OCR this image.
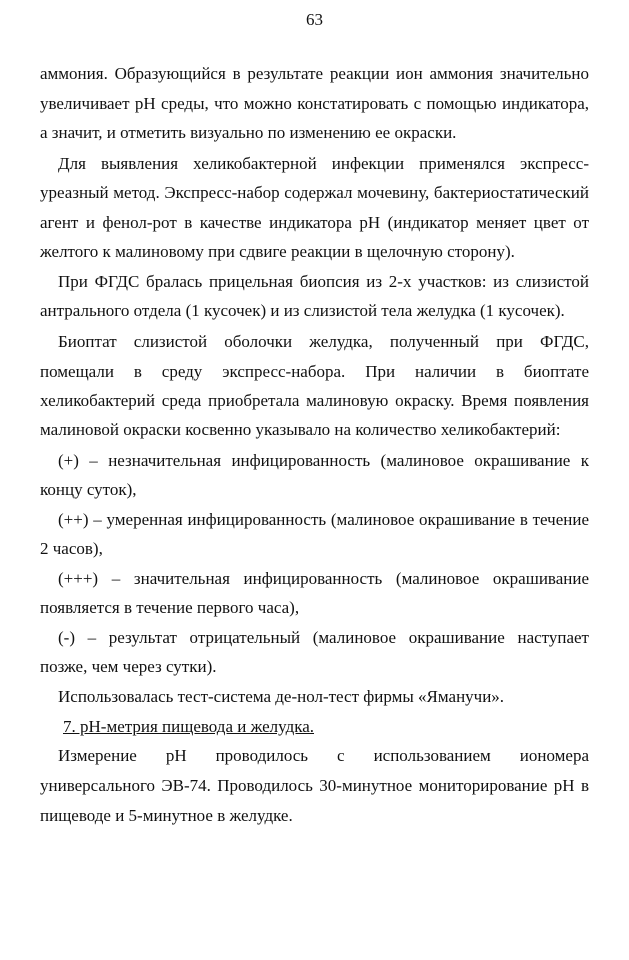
63
аммония. Образующийся в результате реакции ион аммония значительно
увеличивает pH среды, что можно констатировать с помощью индикатора,
а значит, и отметить визуально по изменению ее окраски.
Для выявления хеликобактерной инфекции применялся экспресс-
уреазный метод. Экспресс-набор содержал мочевину, бактериостатический
агент и фенол-рот в качестве индикатора pH (индикатор меняет цвет от
желтого к малиновому при сдвиге реакции в щелочную сторону).
При ФГДС бралась прицельная биопсия из 2-х участков: из слизистой
антрального отдела (1 кусочек) и из слизистой тела желудка (1 кусочек).
Биоптат слизистой оболочки желудка, полученный при ФГДС,
помещали в среду экспресс-набора. При наличии в биоптате
хеликобактерий среда приобретала малиновую окраску. Время появления
малиновой окраски косвенно указывало на количество хеликобактерий:
(+) – незначительная инфицированность (малиновое окрашивание к
концу суток),
(++) – умеренная инфицированность (малиновое окрашивание в течение
2 часов),
(+++) – значительная инфицированность (малиновое окрашивание
появляется в течение первого часа),
(-) – результат отрицательный (малиновое окрашивание наступает
позже, чем через сутки).
Использовалась тест-система де-нол-тест фирмы «Яманучи».
7. pH-метрия пищевода и желудка.
Измерение pH проводилось с использованием иономера
универсального ЭВ-74. Проводилось 30-минутное мониторирование pH в
пищеводе и 5-минутное в желудке.
